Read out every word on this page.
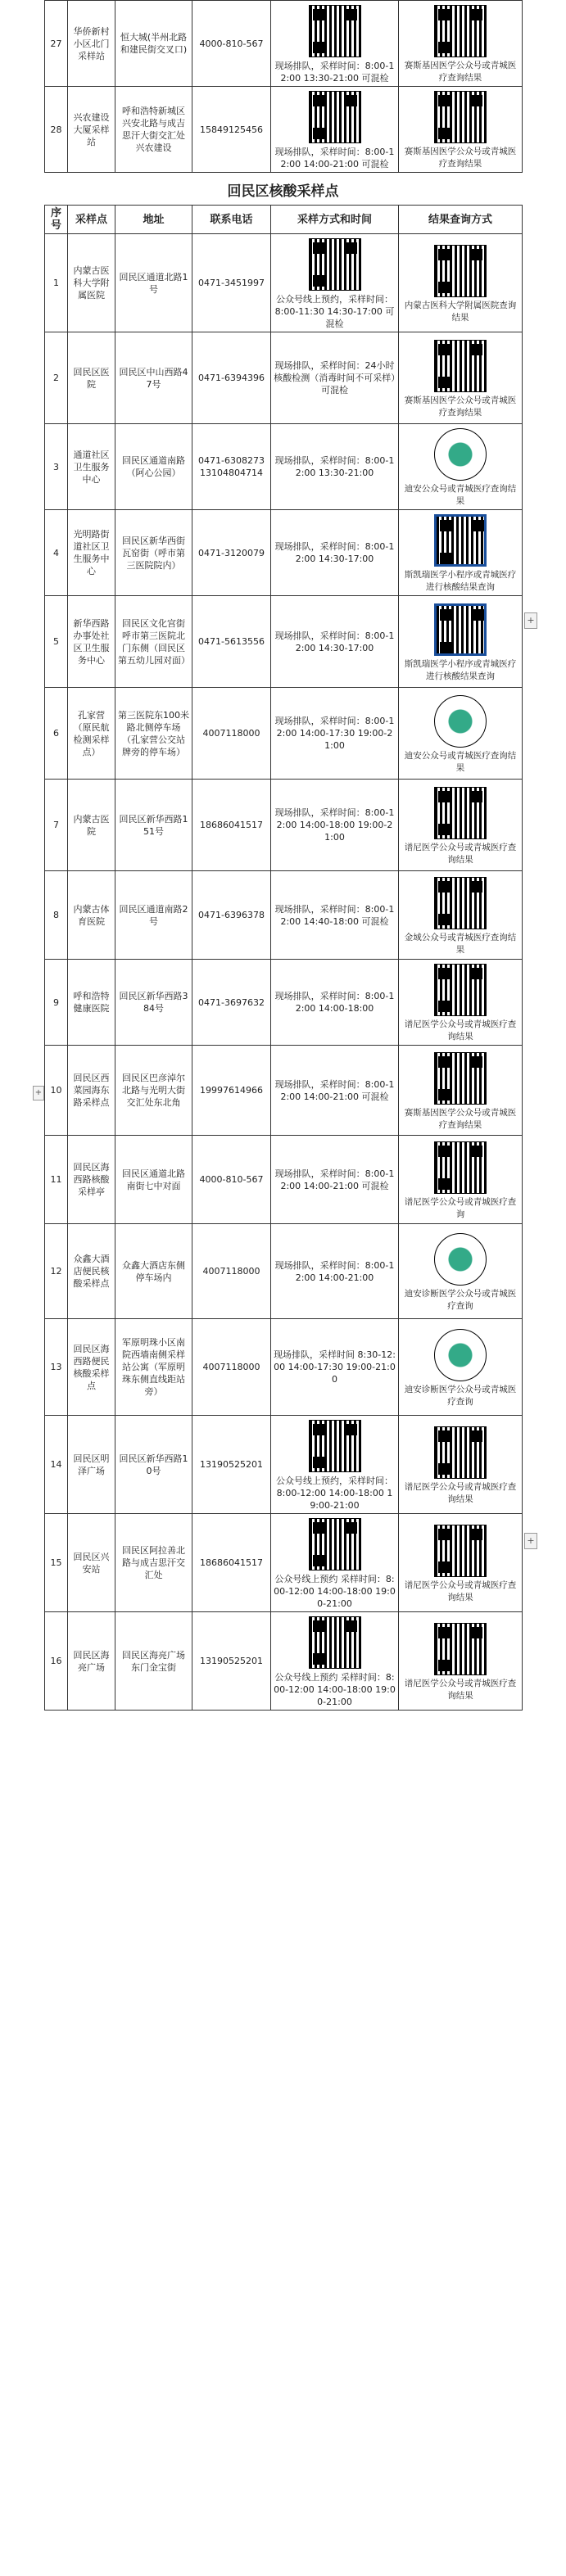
27	华侨新村小区北门采样站	恒大城(半州北路和建民街交叉口)	4000-810-567	现场排队，采样时间：8:00-12:00 13:30-21:00 可混检	赛斯基因医学公众号或青城医疗查询结果

28	兴农建设大厦采样站	呼和浩特新城区兴安北路与成吉思汗大街交汇处兴农建设	15849125456	现场排队，采样时间：8:00-12:00 14:00-21:00 可混检	赛斯基因医学公众号或青城医疗查询结果
回民区核酸采样点
序号	采样点	地址	联系电话	采样方式和时间	结果查询方式
1	内蒙古医科大学附属医院	回民区通道北路1号	0471-3451997	公众号线上预约，采样时间：8:00-11:30 14:30-17:00 可混检	内蒙古医科大学附属医院查询结果

2	回民区医院	回民区中山西路47号	0471-6394396	现场排队，采样时间：24小时核酸检测（消毒时间不可采样）可混检	赛斯基因医学公众号或青城医疗查询结果

3	通道社区卫生服务中心	回民区通道南路（阿心公园）	0471-6308273 13104804714	现场排队，采样时间：8:00-12:00 13:30-21:00	迪安公众号或青城医疗查询结果

4	光明路街道社区卫生服务中心	回民区新华西街瓦窑街（呼市第三医院院内）	0471-3120079	现场排队，采样时间：8:00-12:00 14:30-17:00	斯凯瑞医学小程序或青城医疗进行核酸结果查询

5	新华西路办事处社区卫生服务中心	回民区文化宫街呼市第三医院北门东侧（回民区第五幼儿园对面）	0471-5613556	现场排队，采样时间：8:00-12:00 14:30-17:00	斯凯瑞医学小程序或青城医疗进行核酸结果查询

6	孔家营（原民航检测采样点）	第三医院东100米路北侧停车场（孔家营公交站牌旁的停车场）	4007118000	现场排队，采样时间：8:00-12:00 14:00-17:30 19:00-21:00	迪安公众号或青城医疗查询结果

7	内蒙古医院	回民区新华西路151号	18686041517	现场排队，采样时间：8:00-12:00 14:00-18:00 19:00-21:00	谱尼医学公众号或青城医疗查询结果

8	内蒙古体育医院	回民区通道南路2号	0471-6396378	现场排队，采样时间：8:00-12:00 14:40-18:00 可混检	金域公众号或青城医疗查询结果

9	呼和浩特健康医院	回民区新华西路384号	0471-3697632	现场排队，采样时间：8:00-12:00 14:00-18:00	谱尼医学公众号或青城医疗查询结果

10	回民区西菜园海东路采样点	回民区巴彦淖尔北路与光明大街交汇处东北角	19997614966	现场排队，采样时间：8:00-12:00 14:00-21:00 可混检	赛斯基因医学公众号或青城医疗查询结果

11	回民区海西路核酸采样亭	回民区通道北路南街七中对面	4000-810-567	现场排队，采样时间：8:00-12:00 14:00-21:00 可混检	谱尼医学公众号或青城医疗查询

12	众鑫大酒店便民核酸采样点	众鑫大酒店东侧停车场内	4007118000	现场排队，采样时间：8:00-12:00 14:00-21:00	迪安诊断医学公众号或青城医疗查询

13	回民区海西路便民核酸采样点	军原明珠小区南院西墙南侧采样站公寓（军原明珠东侧直线距站旁）	4007118000	现场排队，采样时间 8:30-12:00 14:00-17:30 19:00-21:00	迪安诊断医学公众号或青城医疗查询

14	回民区明泽广场	回民区新华西路10号	13190525201	公众号线上预约，采样时间：8:00-12:00 14:00-18:00 19:00-21:00	谱尼医学公众号或青城医疗查询结果

15	回民区兴安站	回民区阿拉善北路与成吉思汗交汇处	18686041517	公众号线上预约 采样时间：8:00-12:00 14:00-18:00 19:00-21:00	谱尼医学公众号或青城医疗查询结果

16	回民区海亮广场	回民区海亮广场东门金宝街	13190525201	公众号线上预约 采样时间：8:00-12:00 14:00-18:00 19:00-21:00	谱尼医学公众号或青城医疗查询结果
+
+
+
